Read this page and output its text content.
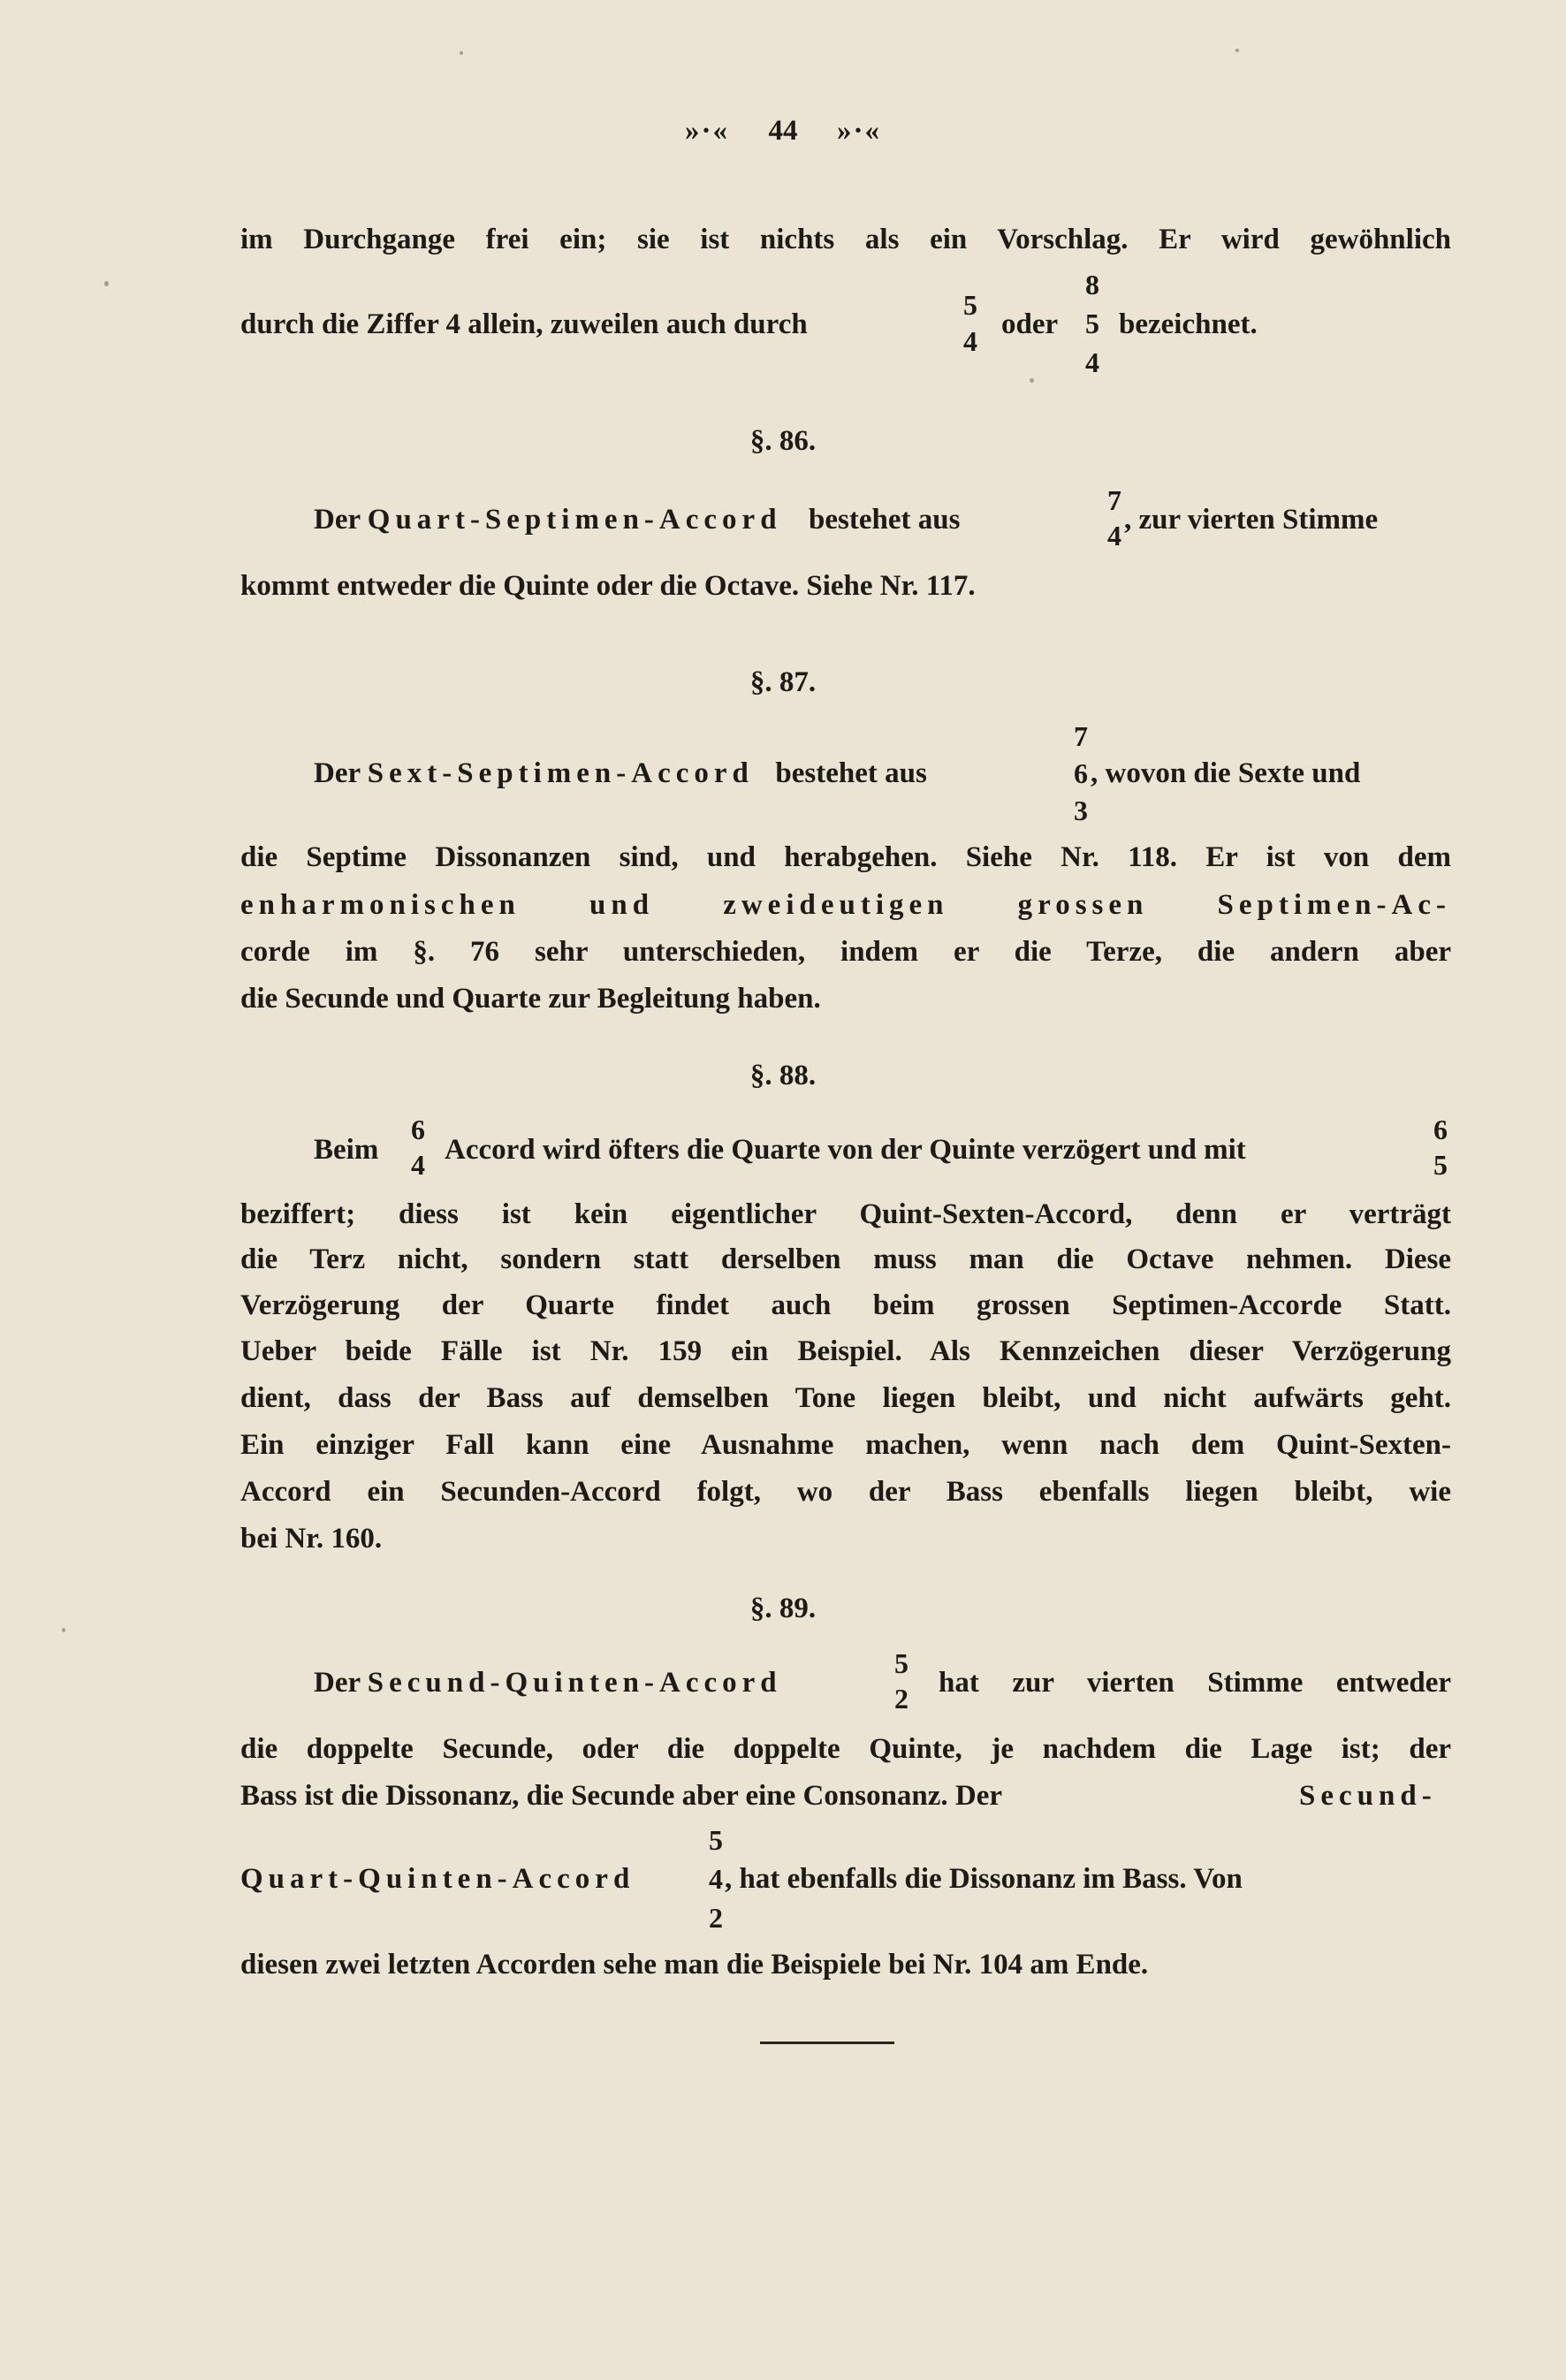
»·« 44 »·«
im Durchgange frei ein; sie ist nichts als ein Vorschlag. Er wird gewöhnlich
durch die Ziffer 4 allein, zuweilen auch durch
5
4
oder
8
5
4
bezeichnet.
§. 86.
Der Quart-Septimen-Accord bestehet aus
7
4 , zur vierten Stimme
kommt entweder die Quinte oder die Octave. Siehe Nr. 117.
§. 87.
7
Der Sext-Septimen-Accord bestehet aus	6 , wovon die Sexte und
3
die Septime Dissonanzen sind, und herabgehen. Siehe Nr. 118. Er ist von dem
enharmonischen und zweideutigen grossen Septimen-Ac-
corde im §. 76 sehr unterschieden, indem er die Terze, die andern aber
die Secunde und Quarte zur Begleitung haben.
§. 88.
Beim
6
4 Accord wird öfters die Quarte von der Quinte verzögert und mit
6
5
beziffert; diess ist kein eigentlicher Quint-Sexten-Accord, denn er verträgt
die Terz nicht, sondern statt derselben muss man die Octave nehmen. Diese
Verzögerung der Quarte findet auch beim grossen Septimen-Accorde Statt.
Ueber beide Fälle ist Nr. 159 ein Beispiel. Als Kennzeichen dieser Verzögerung
dient, dass der Bass auf demselben Tone liegen bleibt, und nicht aufwärts geht.
Ein einziger Fall kann eine Ausnahme machen, wenn nach dem Quint-Sexten-
Accord ein Secunden-Accord folgt, wo der Bass ebenfalls liegen bleibt, wie
bei Nr. 160.
§. 89.
Der Secund-Quinten-Accord
5
2 hat zur vierten Stimme entweder
die doppelte Secunde, oder die doppelte Quinte, je nachdem die Lage ist; der
Bass ist die Dissonanz, die Secunde aber eine Consonanz. Der	Secund-
5
Quart-Quinten-Accord	4 , hat ebenfalls die Dissonanz im Bass. Von
2
diesen zwei letzten Accorden sehe man die Beispiele bei Nr. 104 am Ende.
